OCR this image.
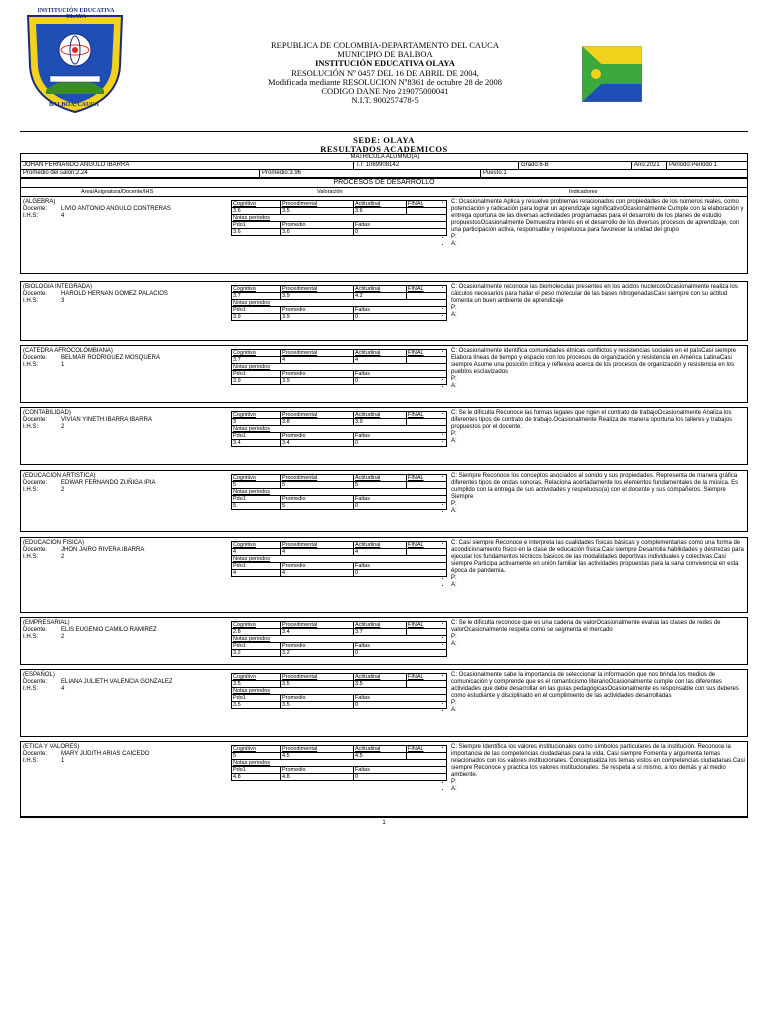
INSTITUCIÓN EDUCATIVA OLAYA
BALBOA, CAUCA
REPUBLICA DE COLOMBIA-DEPARTAMENTO DEL CAUCA
MUNICIPIO DE BALBOA
INSTITUCIÓN EDUCATIVA OLAYA
RESOLUCIÓN Nº 0457 DEL 16 DE ABRIL DE 2004,
Modificada mediante RESOLUCION Nº8361 de octubre 28 de 2008
CODIGO DANE Nro 219075000041
N.I.T. 900257478-5
SEDE: OLAYA
RESULTADOS ACADEMICOS
MATRICULA ALUMNO(A)
JOHAN FERNANDO ANGULO IBARRA	T.I: 1069908142	Grado:8-B	Año:2021	Periodo:Periodo 1
Promedio del salon:2.24	Promedio:3.96	Puesto:1
PROCESOS DE DESARROLLO
Area/Asignatura/Docente/IHS	Valoración	Indicadores
(ALGEBRA)
Docente: LIVIO ANTONIO ANGULO CONTRERAS
I.H.S:	4
Cognitivo	Procedimental	Actitudinal	FINAL
3.6	3.5	3.6	
Notas periodos			
Pdo1	Promedio	Faltas	
3.6	3.6	0	
• C: Ocasionalmente Aplica y resuelve problemas relacionados con propiedades de los números reales, como potenciación y radicación para lograr un aprendizaje significativoOcasionalmente Cumple con la elaboración y entrega oportuna de las diversas actividades programadas para el desarrollo de los planes de estudio propuestosOcasionalmente Demuestra interés en el desarrollo de los diversos procesos de aprendizaje, con una participación activa, responsable y respetuosa para favorecer la unidad del grupo
• P:
• A:
(BIOLOGIA INTEGRADA)
Docente: HAROLD HERNAN GOMEZ PALACIOS
I.H.S:	3
Cognitivo	Procedimental	Actitudinal	FINAL
3.7	3.9	4.2	
Notas periodos			
Pdo1	Promedio	Faltas	
3.9	3.9	0	
• C: Ocasionalmente reconoce las biomoleculas presentes en los acidos nucleicosOcasionalmente realiza los cálculos necesarios para hallar el peso molecular de las bases nitrogenadasCasi siempre con su actitud fomenta un buen ambiente de aprendizaje
• P:
• A:
(CATEDRA AFROCOLOMBIANA)
Docente: BELMAR RODRIGUEZ MOSQUERA
I.H.S:	1
Cognitivo	Procedimental	Actitudinal	FINAL
3.7	4	4	
Notas periodos			
Pdo1	Promedio	Faltas	
3.9	3.9	0	
• C: Ocasionalmente identifica comunidades étnicas conflictos y resistencias sociales en el paísCasi siempre Elabora líneas de tiempo y espacio con los procesos de organización y resistencia en América LatinaCasi siempre Asume una posición crítica y reflexiva acerca de los procesos de organización y resistencia en los pueblos esclavizados
• P:
• A:
(CONTABILIDAD)
Docente: VIVIAN YINETH IBARRA IBARRA
I.H.S:	2
Cognitivo	Procedimental	Actitudinal	FINAL
3	3.8	3.9	
Notas periodos			
Pdo1	Promedio	Faltas	
3.4	3.4	0	
• C: Se le dificulta Reconoce las formas legales que rigen el contrato de trabajoOcasionalmente Analiza los diferentes tipos de contrato de trabajo.Ocasionalmente Realiza de manera oportuna los talleres y trabajos propuestos por el docente.
• P:
• A:
(EDUCACION ARTISTICA)
Docente: EDWAR FERNANDO ZUÑIGA IPIA
I.H.S:	2
Cognitivo	Procedimental	Actitudinal	FINAL
5	5	5	
Notas periodos			
Pdo1	Promedio	Faltas	
5	5	0	
• C: Siempre Reconoce los conceptos asociados al sonido y sus propiedades. Representa de manera gráfica diferentes tipos de ondas sonoras. Relaciona acertadamente los elementos fundamentales de la música. Es cumplido con la entrega de sus actividades y respetuoso(a) con el docente y sus compañeros. Siempre Siempre
• P:
• A:
(EDUCACION FISICA)
Docente: JHON JAIRO RIVERA IBARRA
I.H.S:	2
Cognitivo	Procedimental	Actitudinal	FINAL
4	4	4	
Notas periodos			
Pdo1	Promedio	Faltas	
4	4	0	
• C: Casi siempre Reconoce e interpreta las cualidades físicas básicas y complementarias como una forma de acondicionamiento físico en la clase de educación física.Casi siempre Desarrolla habilidades y destrezas para ejecutar los fundamentos técnicos básicos de las modalidades deportivas individuales y colectivas.Casi siempre Participa activamente en unión familiar las actividades propuestas para la sana convivencia en esta época de pandemia.
• P:
• A:
(EMPRESARIAL)
Docente: ELIS EUGENIO CAMILO RAMIREZ
I.H.S:	2
Cognitivo	Procedimental	Actitudinal	FINAL
2.8	3.4	3.7	
Notas periodos			
Pdo1	Promedio	Faltas	
3.2	3.2	0	
• C: Se le dificulta reconoce que es una cadena de valorOcasionalmente evalúa las clases de redes de valorOcasionalmente respeta como se segmenta el mercado
• P:
• A:
(ESPAÑOL)
Docente: ELIANA JULIETH VALENCIA GONZALEZ
I.H.S:	4
Cognitivo	Procedimental	Actitudinal	FINAL
3.5	3.5	3.5	
Notas periodos			
Pdo1	Promedio	Faltas	
3.5	3.5	0	
• C: Ocasionalmente sabe la importancia de seleccionar la información que nos brinda los medios de comunicación y comprende que es el romanticismo literarioOcasionalmente cumple con las diferentes actividades que debe desarrollar en las guías pedagógicasOcasionalmente es responsable con sus deberes como estudiante y disciplinado en el cumplimiento de las actividades desarrolladas
• P:
• A:
(ETICA Y VALORES)
Docente: MARY JUDITH ARIAS CAICEDO
I.H.S:	1
Cognitivo	Procedimental	Actitudinal	FINAL
5	4.5	4.5	
Notas periodos			
Pdo1	Promedio	Faltas	
4.8	4.8	0	
• C: Siempre Identifica los valores institucionales como símbolos particulares de la institución. Reconoce la importancia de las competencias ciudadanas para la vida. Casi siempre Fomenta y argumenta temas relacionados con los valores institucionales. Conceptualiza los temas vistos en competencias ciudadanas.Casi siempre Reconoce y practica los valores institucionales. Se respeta a sí mismo, a los demás y al medio ambiente.
• P:
• A:
1
